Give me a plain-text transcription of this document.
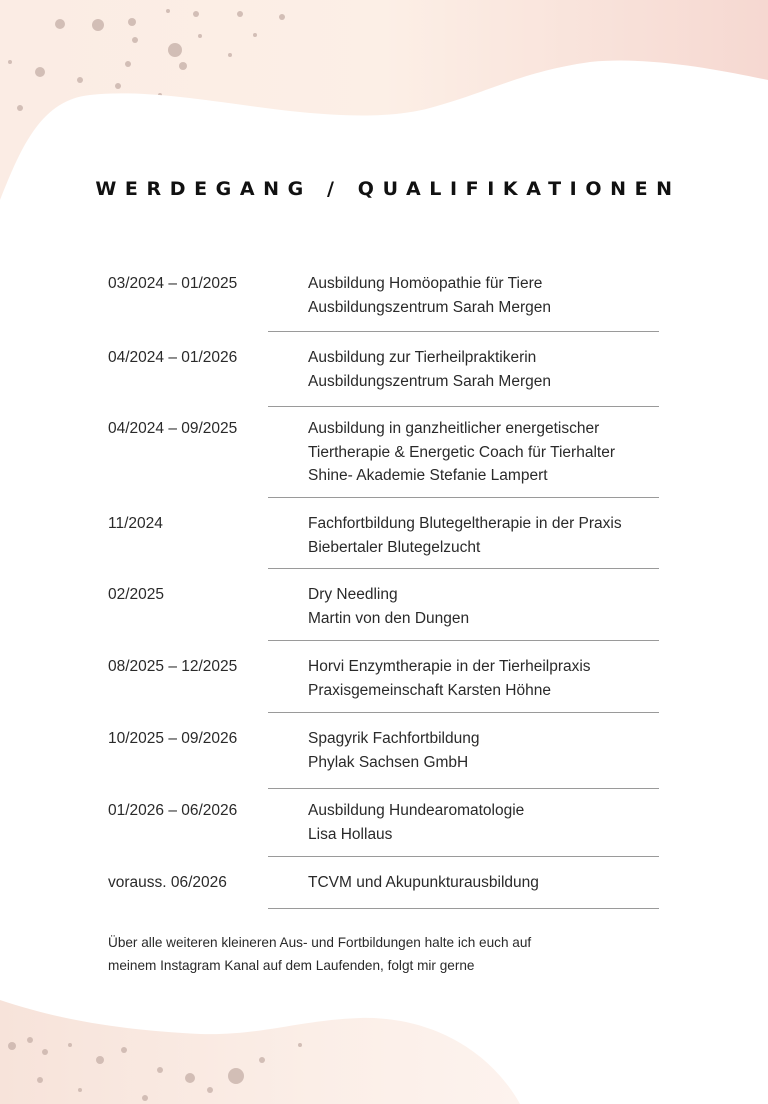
WERDEGANG / QUALIFIKATIONEN
03/2024 – 01/2025	Ausbildung Homöopathie für Tiere
Ausbildungszentrum Sarah Mergen
04/2024 – 01/2026	Ausbildung zur Tierheilpraktikerin
Ausbildungszentrum Sarah Mergen
04/2024 – 09/2025	Ausbildung in ganzheitlicher energetischer
Tiertherapie & Energetic Coach für Tierhalter
Shine- Akademie Stefanie Lampert
11/2024	Fachfortbildung Blutegeltherapie in der Praxis
Biebertaler Blutegelzucht
02/2025	Dry Needling
Martin von den Dungen
08/2025 – 12/2025	Horvi Enzymtherapie in der Tierheilpraxis
Praxisgemeinschaft Karsten Höhne
10/2025 – 09/2026	Spagyrik Fachfortbildung
Phylak Sachsen GmbH
01/2026 – 06/2026	Ausbildung Hundearomatologie
Lisa Hollaus
vorauss. 06/2026	TCVM und Akupunkturausbildung
Über alle weiteren kleineren Aus- und Fortbildungen halte ich euch auf
meinem Instagram Kanal auf dem Laufenden, folgt mir gerne
